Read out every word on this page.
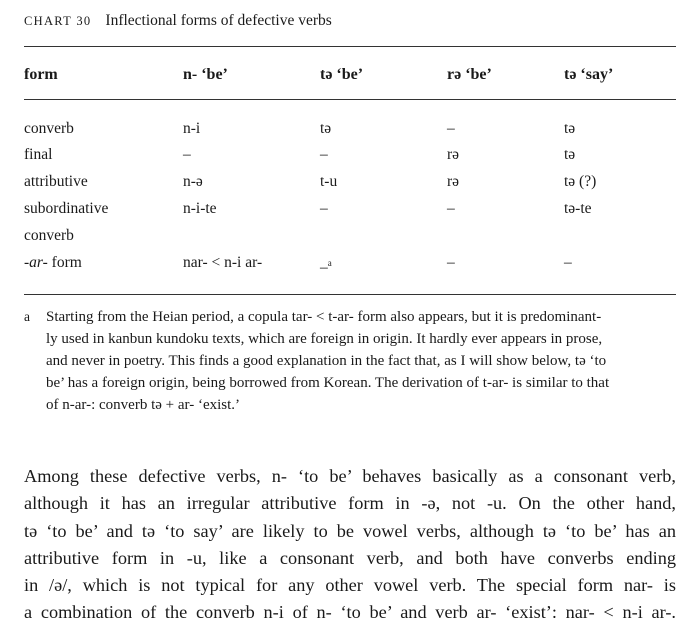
CHART 30 Inflectional forms of defective verbs
form	n- ‘be’	tə ‘be’	rə ‘be’	tə ‘say’
converb	n-i	tə	–	tə
final	–	–	rə	tə
attributive	n-ə	t-u	rə	tə (?)
subordinative	n-i-te	–	–	tə-te
converb
-ar- form	nar- < n-i ar-	–$^a$	–	–
a Starting from the Heian period, a copula tar- < t-ar- form also appears, but it is predominant-
ly used in kanbun kundoku texts, which are foreign in origin. It hardly ever appears in prose,
and never in poetry. This finds a good explanation in the fact that, as I will show below, tə ‘to
be’ has a foreign origin, being borrowed from Korean. The derivation of t-ar- is similar to that
of n-ar-: converb tə + ar- ‘exist.’
Among these defective verbs, n- ‘to be’ behaves basically as a consonant verb,
although it has an irregular attributive form in -ə, not -u. On the other hand,
tə ‘to be’ and tə ‘to say’ are likely to be vowel verbs, although tə ‘to be’ has an
attributive form in -u, like a consonant verb, and both have converbs ending
in /ə/, which is not typical for any other vowel verb. The special form nar- is
a combination of the converb n-i of n- ‘to be’ and verb ar- ‘exist’: nar- < n-i ar-.
